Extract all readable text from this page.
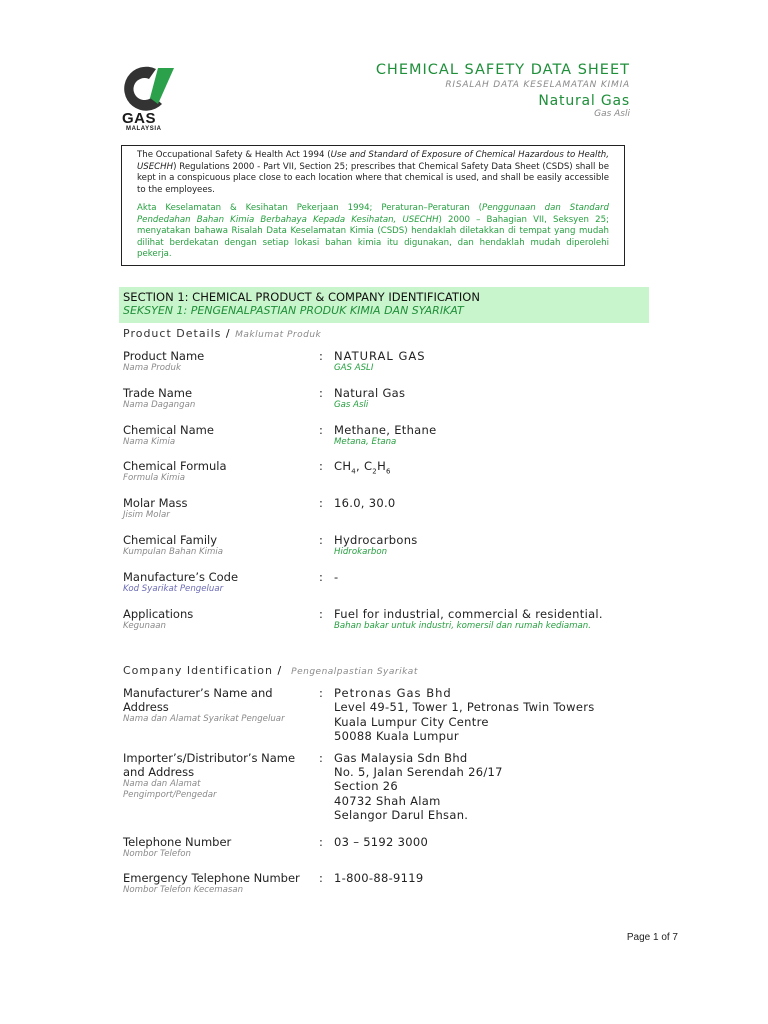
GAS
MALAYSIA
CHEMICAL SAFETY DATA SHEET
RISALAH DATA KESELAMATAN KIMIA
Natural Gas
Gas Asli

The Occupational Safety & Health Act 1994 (Use and Standard of Exposure of Chemical Hazardous to Health, USECHH) Regulations 2000 - Part VII, Section 25; prescribes that Chemical Safety Data Sheet (CSDS) shall be kept in a conspicuous place close to each location where that chemical is used, and shall be easily accessible to the employees.

Akta Keselamatan & Kesihatan Pekerjaan 1994; Peraturan–Peraturan (Penggunaan dan Standard Pendedahan Bahan Kimia Berbahaya Kepada Kesihatan, USECHH) 2000 – Bahagian VII, Seksyen 25; menyatakan bahawa Risalah Data Keselamatan Kimia (CSDS) hendaklah diletakkan di tempat yang mudah dilihat berdekatan dengan setiap lokasi bahan kimia itu digunakan, dan hendaklah mudah diperolehi pekerja.

SECTION 1: CHEMICAL PRODUCT & COMPANY IDENTIFICATION
SEKSYEN 1: PENGENALPASTIAN PRODUK KIMIA DAN SYARIKAT
Product Details / Maklumat Produk
Product Name
Nama Produk
: NATURAL GAS
GAS ASLI
Trade Name
Nama Dagangan
: Natural Gas
Gas Asli
Chemical Name
Nama Kimia
: Methane, Ethane
Metana, Etana
Chemical Formula
Formula Kimia
: $CH_4$, $C_2H_6$
Molar Mass
Jisim Molar
: 16.0, 30.0
Chemical Family
Kumpulan Bahan Kimia
: Hydrocarbons
Hidrokarbon
Manufacture’s Code
Kod Syarikat Pengeluar
: -
Applications
Kegunaan
: Fuel for industrial, commercial & residential.
Bahan bakar untuk industri, komersil dan rumah kediaman.
Company Identification / Pengenalpastian Syarikat
Manufacturer’s Name and
Address
Nama dan Alamat Syarikat Pengeluar
: Petronas Gas Bhd
Level 49-51, Tower 1, Petronas Twin Towers
Kuala Lumpur City Centre
50088 Kuala Lumpur
Importer’s/Distributor’s Name
and Address
Nama dan Alamat
Pengimport/Pengedar
: Gas Malaysia Sdn Bhd
No. 5, Jalan Serendah 26/17
Section 26
40732 Shah Alam
Selangor Darul Ehsan.
Telephone Number
Nombor Telefon
: 03 – 5192 3000
Emergency Telephone Number
Nombor Telefon Kecemasan
: 1-800-88-9119
Page 1 of 7
